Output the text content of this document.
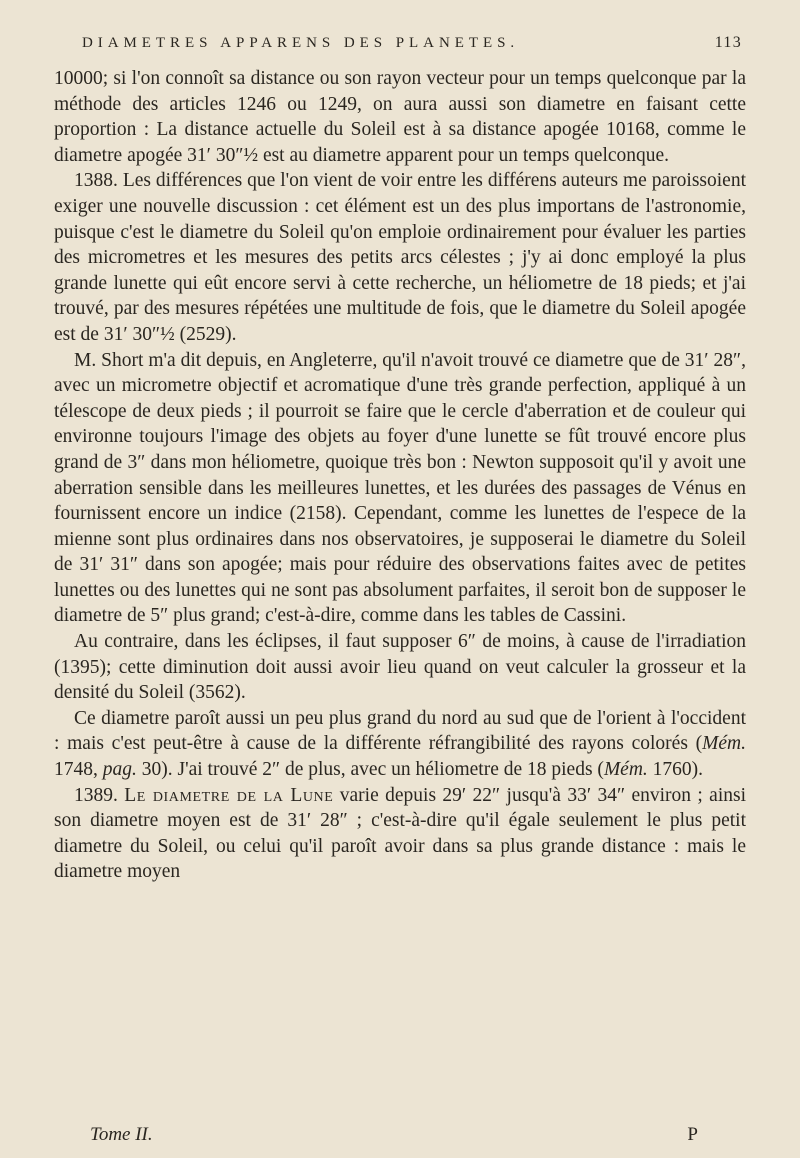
DIAMETRES APPARENS DES PLANETES.	113

10000; si l'on connoît sa distance ou son rayon vecteur pour un temps quelconque par la méthode des articles 1246 ou 1249, on aura aussi son diametre en faisant cette proportion : La distance actuelle du Soleil est à sa distance apogée 10168, comme le diametre apogée 31′ 30″½ est au diametre apparent pour un temps quelconque.

1388. Les différences que l'on vient de voir entre les différens auteurs me paroissoient exiger une nouvelle discussion : cet élément est un des plus importans de l'astronomie, puisque c'est le diametre du Soleil qu'on emploie ordinairement pour évaluer les parties des micrometres et les mesures des petits arcs célestes ; j'y ai donc employé la plus grande lunette qui eût encore servi à cette recherche, un héliometre de 18 pieds; et j'ai trouvé, par des mesures répétées une multitude de fois, que le diametre du Soleil apogée est de 31′ 30″½ (2529).

M. Short m'a dit depuis, en Angleterre, qu'il n'avoit trouvé ce diametre que de 31′ 28″, avec un micrometre objectif et acromatique d'une très grande perfection, appliqué à un télescope de deux pieds ; il pourroit se faire que le cercle d'aberration et de couleur qui environne toujours l'image des objets au foyer d'une lunette se fût trouvé encore plus grand de 3″ dans mon héliometre, quoique très bon : Newton supposoit qu'il y avoit une aberration sensible dans les meilleures lunettes, et les durées des passages de Vénus en fournissent encore un indice (2158). Cependant, comme les lunettes de l'espece de la mienne sont plus ordinaires dans nos observatoires, je supposerai le diametre du Soleil de 31′ 31″ dans son apogée; mais pour réduire des observations faites avec de petites lunettes ou des lunettes qui ne sont pas absolument parfaites, il seroit bon de supposer le diametre de 5″ plus grand; c'est-à-dire, comme dans les tables de Cassini.

Au contraire, dans les éclipses, il faut supposer 6″ de moins, à cause de l'irradiation (1395); cette diminution doit aussi avoir lieu quand on veut calculer la grosseur et la densité du Soleil (3562).

Ce diametre paroît aussi un peu plus grand du nord au sud que de l'orient à l'occident : mais c'est peut-être à cause de la différente réfrangibilité des rayons colorés (Mém. 1748, pag. 30). J'ai trouvé 2″ de plus, avec un héliometre de 18 pieds (Mém. 1760).

1389. Le diametre de la Lune varie depuis 29′ 22″ jusqu'à 33′ 34″ environ ; ainsi son diametre moyen est de 31′ 28″ ; c'est-à-dire qu'il égale seulement le plus petit diametre du Soleil, ou celui qu'il paroît avoir dans sa plus grande distance : mais le diametre moyen

Tome II.	P
